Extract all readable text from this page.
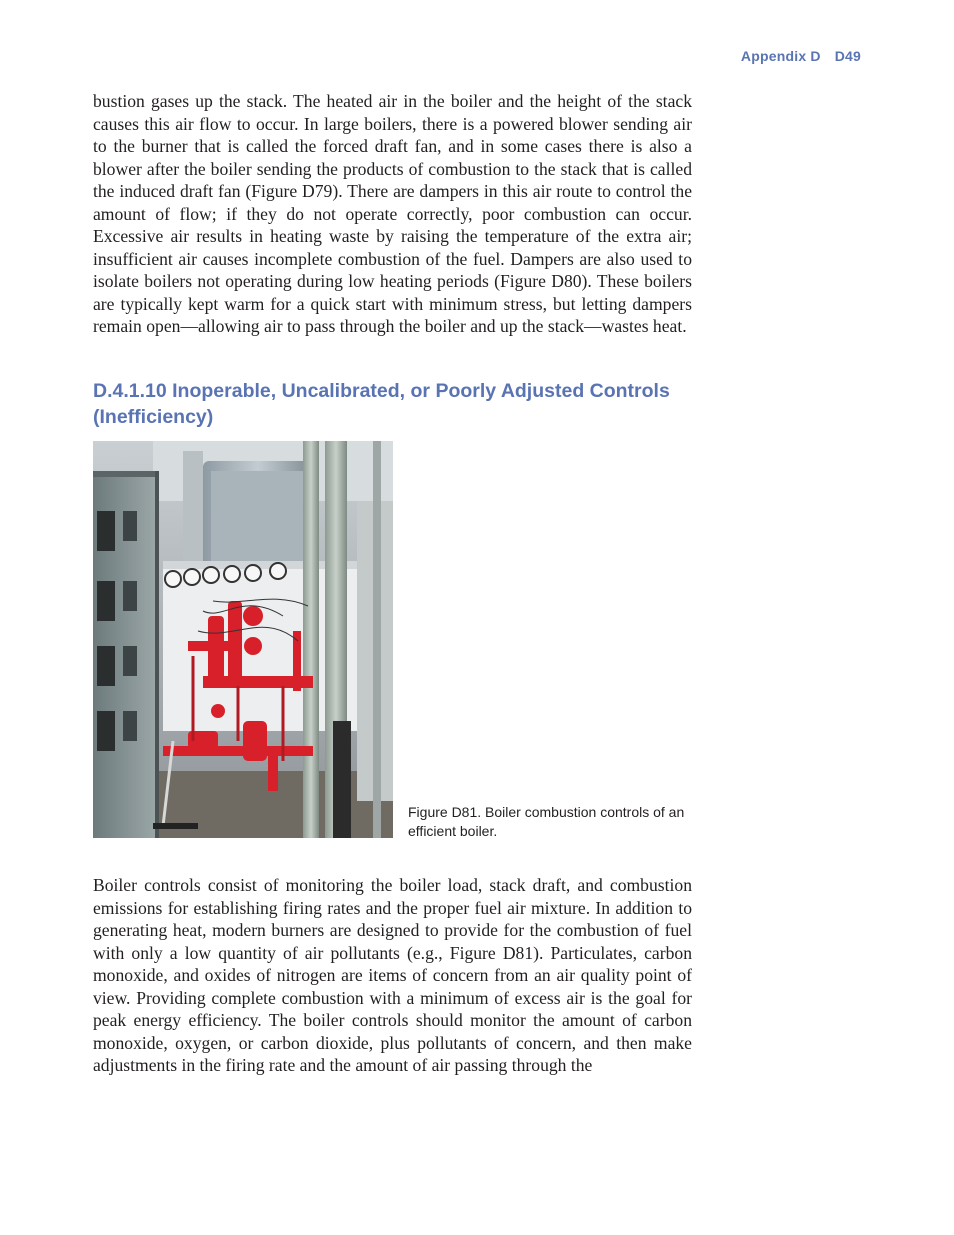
Appendix D D49

bustion gases up the stack. The heated air in the boiler and the height of the stack causes this air flow to occur. In large boilers, there is a powered blower sending air to the burner that is called the forced draft fan, and in some cases there is also a blower after the boiler sending the products of combustion to the stack that is called the induced draft fan (Figure D79). There are dampers in this air route to control the amount of flow; if they do not operate correctly, poor combustion can occur. Excessive air results in heating waste by raising the temperature of the extra air; insufficient air causes incomplete combustion of the fuel. Dampers are also used to isolate boilers not operating during low heating periods (Figure D80). These boilers are typically kept warm for a quick start with minimum stress, but letting dampers remain open—allowing air to pass through the boiler and up the stack—wastes heat.

D.4.1.10 Inoperable, Uncalibrated, or Poorly Adjusted Controls (Inefficiency)

Figure D81. Boiler combustion controls of an efficient boiler.

Boiler controls consist of monitoring the boiler load, stack draft, and combustion emissions for establishing firing rates and the proper fuel air mixture. In addition to generating heat, modern burners are designed to provide for the combustion of fuel with only a low quantity of air pollutants (e.g., Figure D81). Particulates, carbon monoxide, and oxides of nitrogen are items of concern from an air quality point of view. Providing complete combustion with a minimum of excess air is the goal for peak energy efficiency. The boiler controls should monitor the amount of carbon monoxide, oxygen, or carbon dioxide, plus pollutants of concern, and then make adjustments in the firing rate and the amount of air passing through the
